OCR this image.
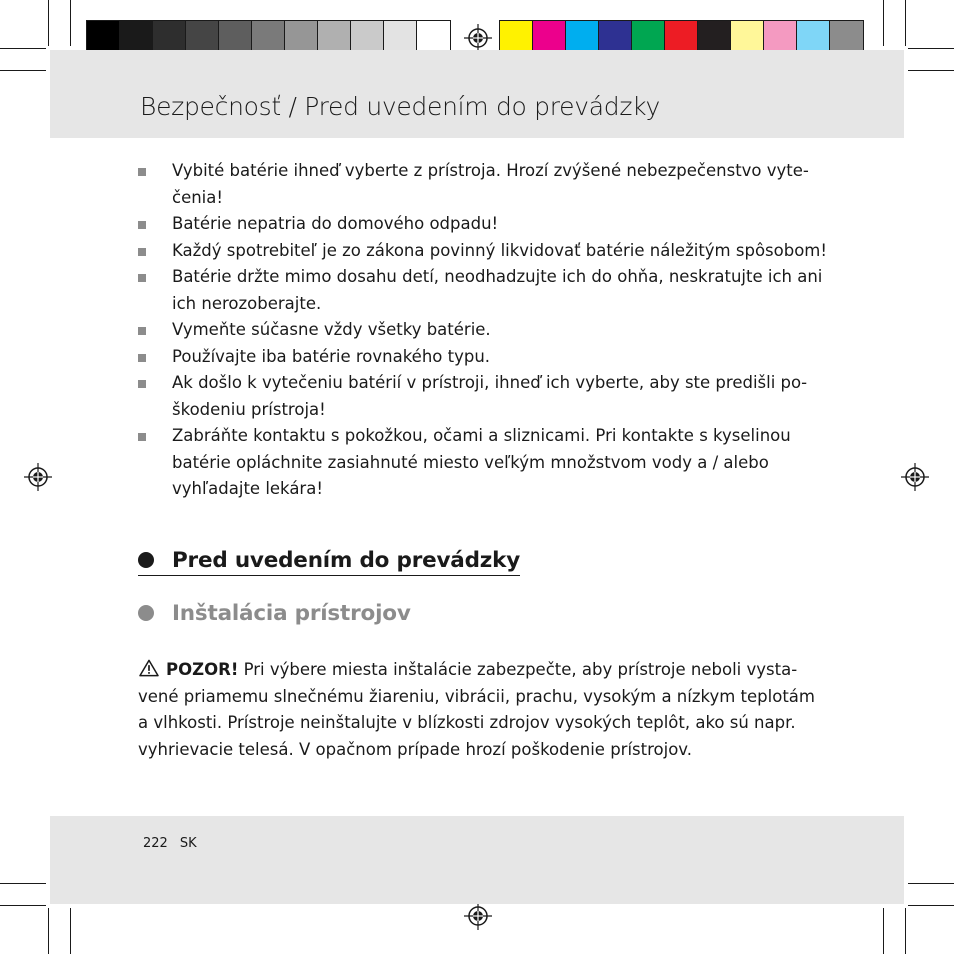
Bezpečnosť / Pred uvedením do prevádzky
Vybité batérie ihneď vyberte z prístroja. Hrozí zvýšené nebezpečenstvo vytečenia!
Batérie nepatria do domového odpadu!
Každý spotrebiteľ je zo zákona povinný likvidovať batérie náležitým spôsobom!
Batérie držte mimo dosahu detí, neodhadzujte ich do ohňa, neskratujte ich ani ich nerozoberajte.
Vymeňte súčasne vždy všetky batérie.
Používajte iba batérie rovnakého typu.
Ak došlo k vytečeniu batérií v prístroji, ihneď ich vyberte, aby ste predišli poškodeniu prístroja!
Zabráňte kontaktu s pokožkou, očami a sliznicami. Pri kontakte s kyselinou batérie opláchnite zasiahnuté miesto veľkým množstvom vody a / alebo vyhľadajte lekára!
Pred uvedením do prevádzky
Inštalácia prístrojov
POZOR! Pri výbere miesta inštalácie zabezpečte, aby prístroje neboli vystavené priamemu slnečnému žiareniu, vibrácii, prachu, vysokým a nízkym teplotám a vlhkosti. Prístroje neinštalujte v blízkosti zdrojov vysokých teplôt, ako sú napr. vyhrievacie telesá. V opačnom prípade hrozí poškodenie prístrojov.
222 SK
